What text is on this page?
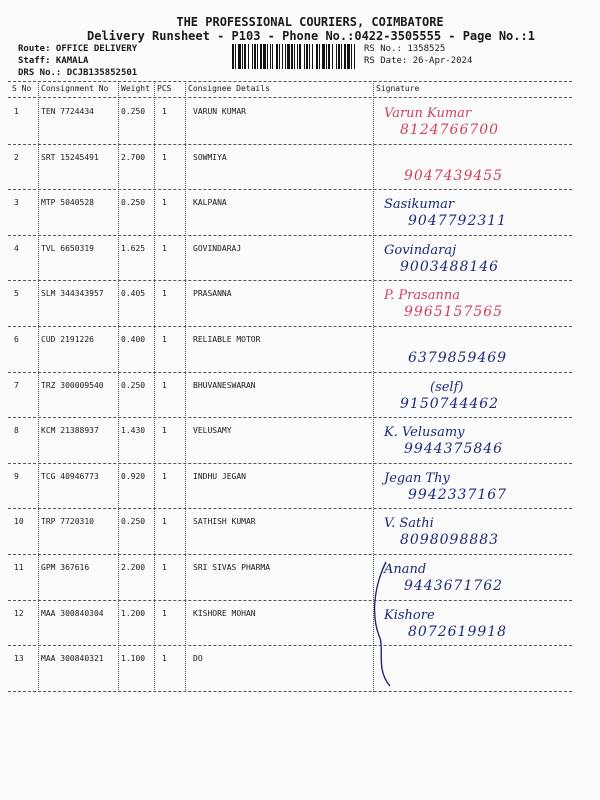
THE PROFESSIONAL COURIERS, COIMBATORE
Delivery Runsheet - P103 - Phone No.:0422-3505555 - Page No.:1
Route: OFFICE DELIVERY
Staff: KAMALA
DRS No.: DCJB135852501
RS No.: 1358525
RS Date: 26-Apr-2024
S No Consignment No Weight PCS Consignee Details	Signature
1	TEN 7724434	0.250 1	VARUN KUMAR	Varun Kumar
8124766700
2	SRT 15245491	2.700 1	SOWMIYA
9047439455
3	MTP 5040528	0.250 1	KALPANA	Sasikumar
9047792311
4	TVL 6650319	1.625 1	GOVINDARAJ	Govindaraj
9003488146
5	SLM 344343957 0.405 1	PRASANNA	P. Prasanna
9965157565
6	CUD 2191226	0.400 1	RELIABLE MOTOR
6379859469
7	TRZ 300009540 0.250 1	BHUVANESWARAN	(self)
9150744462
8	KCM 21388937	1.430 1	VELUSAMY	K. Velusamy
9944375846
9	TCG 40946773	0.920 1	INDHU JEGAN	Jegan Thy
9942337167
10 TRP 7720310	0.250 1	SATHISH KUMAR	V. Sathi
8098098883
11 GPM 367616	2.200 1	SRI SIVAS PHARMA	Anand
9443671762
12 MAA 300840304 1.200 1	KISHORE MOHAN	Kishore
8072619918
13 MAA 300840321 1.100 1	DO
